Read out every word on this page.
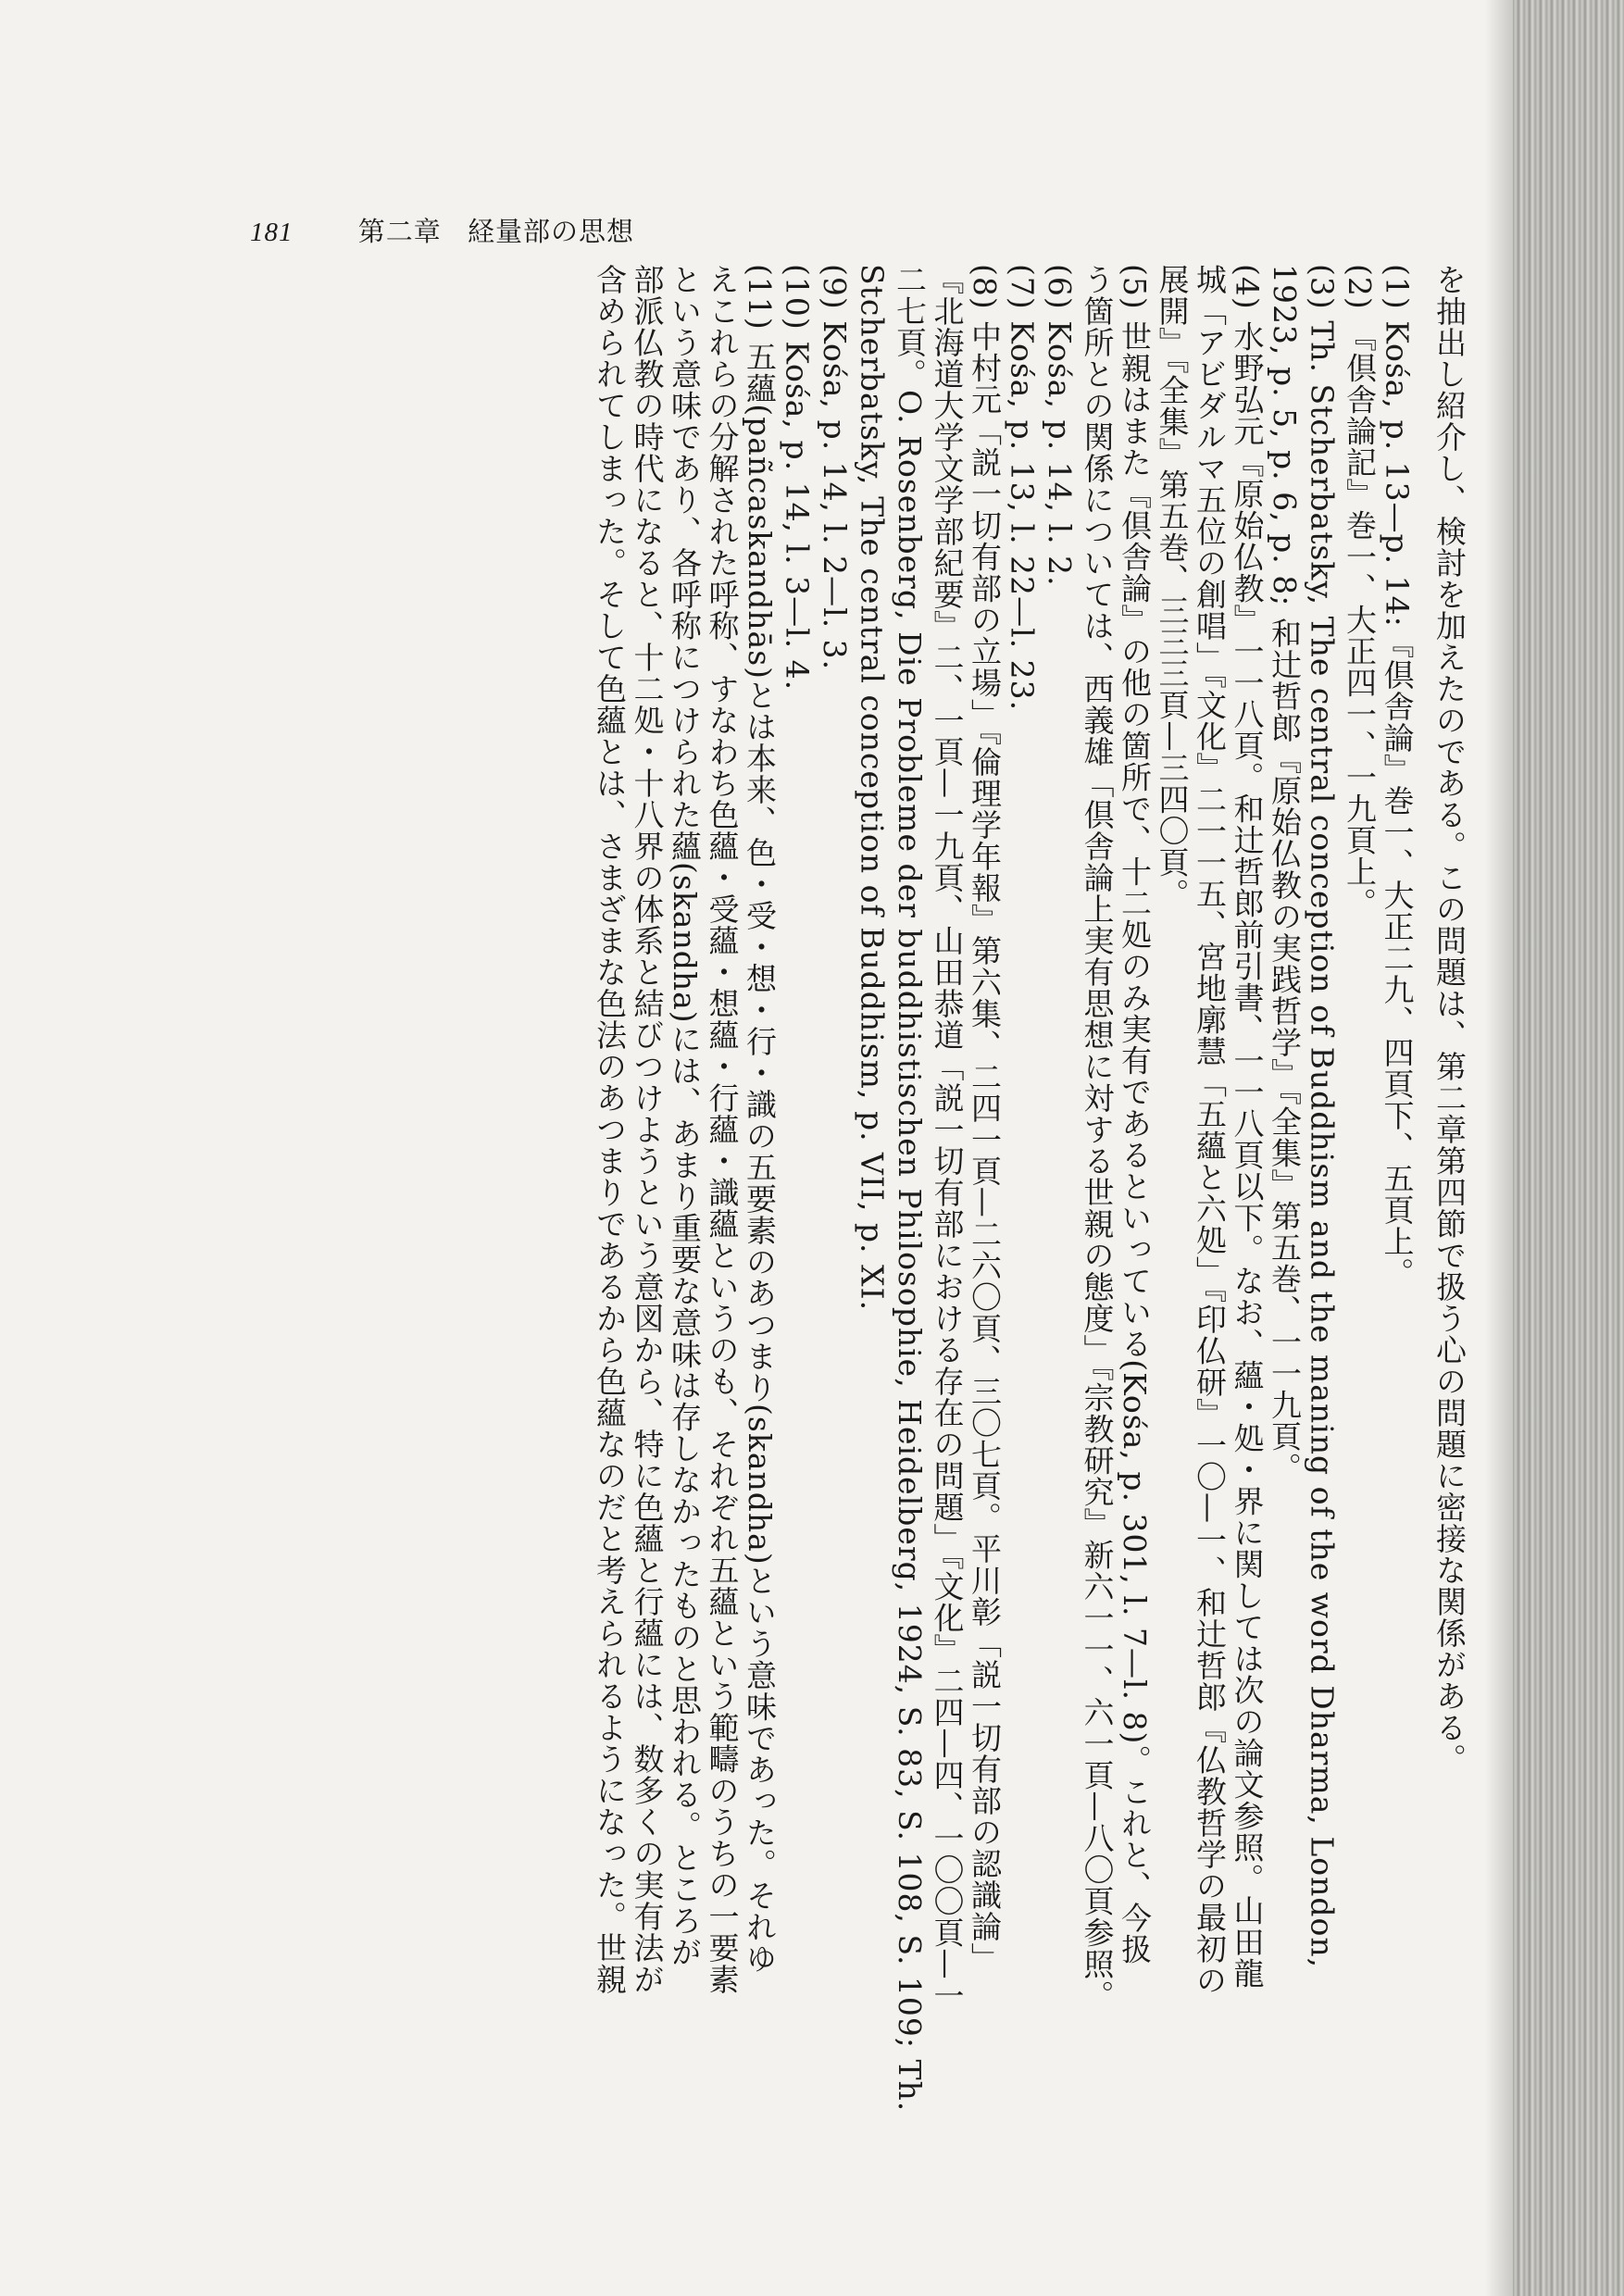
181 第二章 経量部の思想

を抽出し紹介し、検討を加えたのである。この問題は、第二章第四節で扱う心の問題に密接な関係がある。

(1) Kośa, p. 13—p. 14:『倶舎論』巻一、大正二九、四頁下、五頁上。

(2) 『倶舎論記』巻一、大正四一、一九頁上。

(3) Th. Stcherbatsky, The central conception of Buddhism and the maning of the word Dharma, London,

1923, p. 5, p. 6, p. 8; 和辻哲郎『原始仏教の実践哲学』『全集』第五巻、一一九頁。

(4) 水野弘元『原始仏教』一一八頁。和辻哲郎前引書、一一八頁以下。なお、蘊・処・界に関しては次の論文参照。山田龍

城「アビダルマ五位の創唱」『文化』二一一五、宮地廓慧「五蘊と六処」『印仏研』一〇—一、和辻哲郎『仏教哲学の最初の

展開』『全集』第五巻、三三三頁—三四〇頁。

(5) 世親はまた『倶舎論』の他の箇所で、十二処のみ実有であるといっている(Kośa, p. 301, l. 7—l. 8)。これと、今扱

う箇所との関係については、西義雄「倶舎論上実有思想に対する世親の態度」『宗教研究』新六一一、六一頁—八〇頁参照。

(6) Kośa, p. 14, l. 2.

(7) Kośa, p. 13, l. 22—l. 23.

(8) 中村元「説一切有部の立場」『倫理学年報』第六集、二四一頁—二六〇頁、三〇七頁。平川彰「説一切有部の認識論」

『北海道大学文学部紀要』二、一頁—一九頁、山田恭道「説一切有部における存在の問題」『文化』二四—四、一〇〇頁—一

二七頁。O. Rosenberg, Die Probleme der buddhistischen Philosophie, Heidelberg, 1924, S. 83, S. 108, S. 109; Th.

Stcherbatsky, The central conception of Buddhism, p. VII, p. XI.

(9) Kośa, p. 14, l. 2—l. 3.

(10) Kośa, p. 14, l. 3—l. 4.

(11) 五蘊(pañcaskandhās)とは本来、色・受・想・行・識の五要素のあつまり(skandha)という意味であった。それゆ

えこれらの分解された呼称、すなわち色蘊・受蘊・想蘊・行蘊・識蘊というのも、それぞれ五蘊という範疇のうちの一要素

という意味であり、各呼称につけられた蘊(skandha)には、あまり重要な意味は存しなかったものと思われる。ところが

部派仏教の時代になると、十二処・十八界の体系と結びつけようという意図から、特に色蘊と行蘊には、数多くの実有法が

含められてしまった。そして色蘊とは、さまざまな色法のあつまりであるから色蘊なのだと考えられるようになった。世親
